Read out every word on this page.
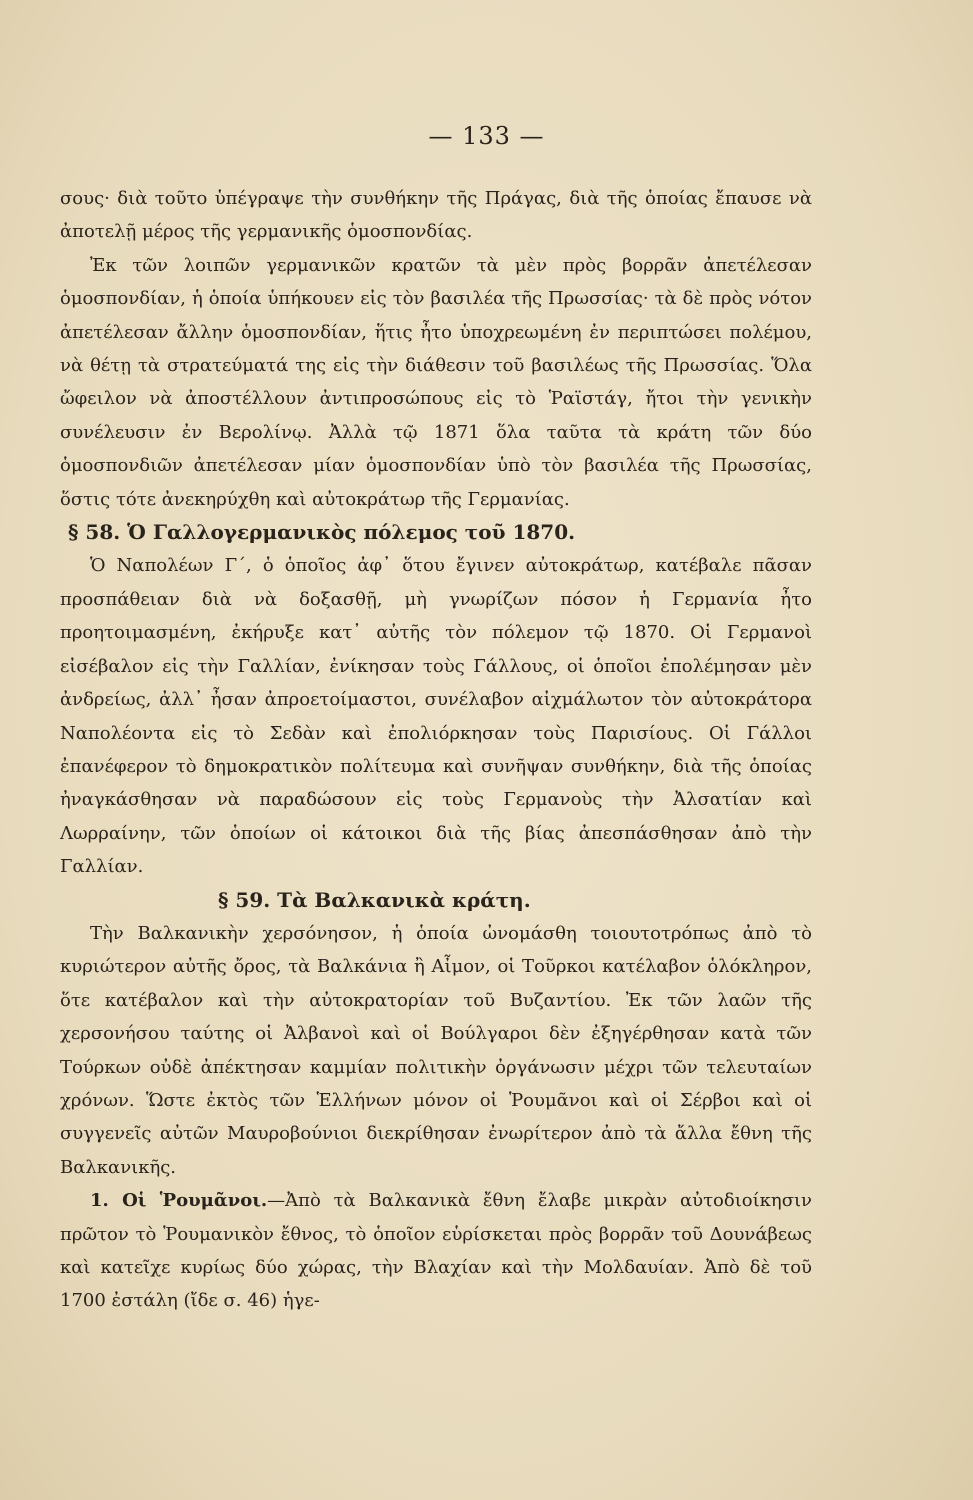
— 133 —

σους· διὰ τοῦτο ὑπέγραψε τὴν συνθήκην τῆς Πράγας, διὰ τῆς ὁποίας ἔπαυσε νὰ ἀποτελῇ μέρος τῆς γερμανικῆς ὁμοσπονδίας.

Ἐκ τῶν λοιπῶν γερμανικῶν κρατῶν τὰ μὲν πρὸς βορρᾶν ἀπετέλεσαν ὁμοσπονδίαν, ἡ ὁποία ὑπήκουεν εἰς τὸν βασιλέα τῆς Πρωσσίας· τὰ δὲ πρὸς νότον ἀπετέλεσαν ἄλλην ὁμοσπονδίαν, ἥτις ἦτο ὑποχρεωμένη ἐν περιπτώσει πολέμου, νὰ θέτῃ τὰ στρατεύματά της εἰς τὴν διάθεσιν τοῦ βασιλέως τῆς Πρωσσίας. Ὅλα ὤφειλον νὰ ἀποστέλλουν ἀντιπροσώπους εἰς τὸ Ῥαϊστάγ, ἤτοι τὴν γενικὴν συνέλευσιν ἐν Βερολίνῳ. Ἀλλὰ τῷ 1871 ὅλα ταῦτα τὰ κράτη τῶν δύο ὁμοσπονδιῶν ἀπετέλεσαν μίαν ὁμοσπονδίαν ὑπὸ τὸν βασιλέα τῆς Πρωσσίας, ὅστις τότε ἀνεκηρύχθη καὶ αὐτοκράτωρ τῆς Γερμανίας.

§ 58. Ὁ Γαλλογερμανικὸς πόλεμος τοῦ 1870.

Ὁ Ναπολέων Γ΄, ὁ ὁποῖος ἀφ᾽ ὅτου ἔγινεν αὐτοκράτωρ, κατέβαλε πᾶσαν προσπάθειαν διὰ νὰ δοξασθῇ, μὴ γνωρίζων πόσον ἡ Γερμανία ἦτο προητοιμασμένη, ἐκήρυξε κατ᾽ αὐτῆς τὸν πόλεμον τῷ 1870. Οἱ Γερμανοὶ εἰσέβαλον εἰς τὴν Γαλλίαν, ἐνίκησαν τοὺς Γάλλους, οἱ ὁποῖοι ἐπολέμησαν μὲν ἀνδρείως, ἀλλ᾽ ἦσαν ἀπροετοίμαστοι, συνέλαβον αἰχμάλωτον τὸν αὐτοκράτορα Ναπολέοντα εἰς τὸ Σεδὰν καὶ ἐπολιόρκησαν τοὺς Παρισίους. Οἱ Γάλλοι ἐπανέφερον τὸ δημοκρατικὸν πολίτευμα καὶ συνῆψαν συνθήκην, διὰ τῆς ὁποίας ἠναγκάσθησαν νὰ παραδώσουν εἰς τοὺς Γερμανοὺς τὴν Ἀλσατίαν καὶ Λωρραίνην, τῶν ὁποίων οἱ κάτοικοι διὰ τῆς βίας ἀπεσπάσθησαν ἀπὸ τὴν Γαλλίαν.

§ 59. Τὰ Βαλκανικὰ κράτη.

Τὴν Βαλκανικὴν χερσόνησον, ἡ ὁποία ὠνομάσθη τοιουτοτρόπως ἀπὸ τὸ κυριώτερον αὐτῆς ὄρος, τὰ Βαλκάνια ἢ Αἶμον, οἱ Τοῦρκοι κατέλαβον ὁλόκληρον, ὅτε κατέβαλον καὶ τὴν αὐτοκρατορίαν τοῦ Βυζαντίου. Ἐκ τῶν λαῶν τῆς χερσονήσου ταύτης οἱ Ἀλβανοὶ καὶ οἱ Βούλγαροι δὲν ἐξηγέρθησαν κατὰ τῶν Τούρκων οὐδὲ ἀπέκτησαν καμμίαν πολιτικὴν ὀργάνωσιν μέχρι τῶν τελευταίων χρόνων. Ὥστε ἐκτὸς τῶν Ἑλλήνων μόνον οἱ Ῥουμᾶνοι καὶ οἱ Σέρβοι καὶ οἱ συγγενεῖς αὐτῶν Μαυροβούνιοι διεκρίθησαν ἐνωρίτερον ἀπὸ τὰ ἄλλα ἔθνη τῆς Βαλκανικῆς.

1. Οἱ Ῥουμᾶνοι.—Ἀπὸ τὰ Βαλκανικὰ ἔθνη ἔλαβε μικρὰν αὐτοδιοίκησιν πρῶτον τὸ Ῥουμανικὸν ἔθνος, τὸ ὁποῖον εὑρίσκεται πρὸς βορρᾶν τοῦ Δουνάβεως καὶ κατεῖχε κυρίως δύο χώρας, τὴν Βλαχίαν καὶ τὴν Μολδαυίαν. Ἀπὸ δὲ τοῦ 1700 ἐστάλη (ἴδε σ. 46) ἡγε-
